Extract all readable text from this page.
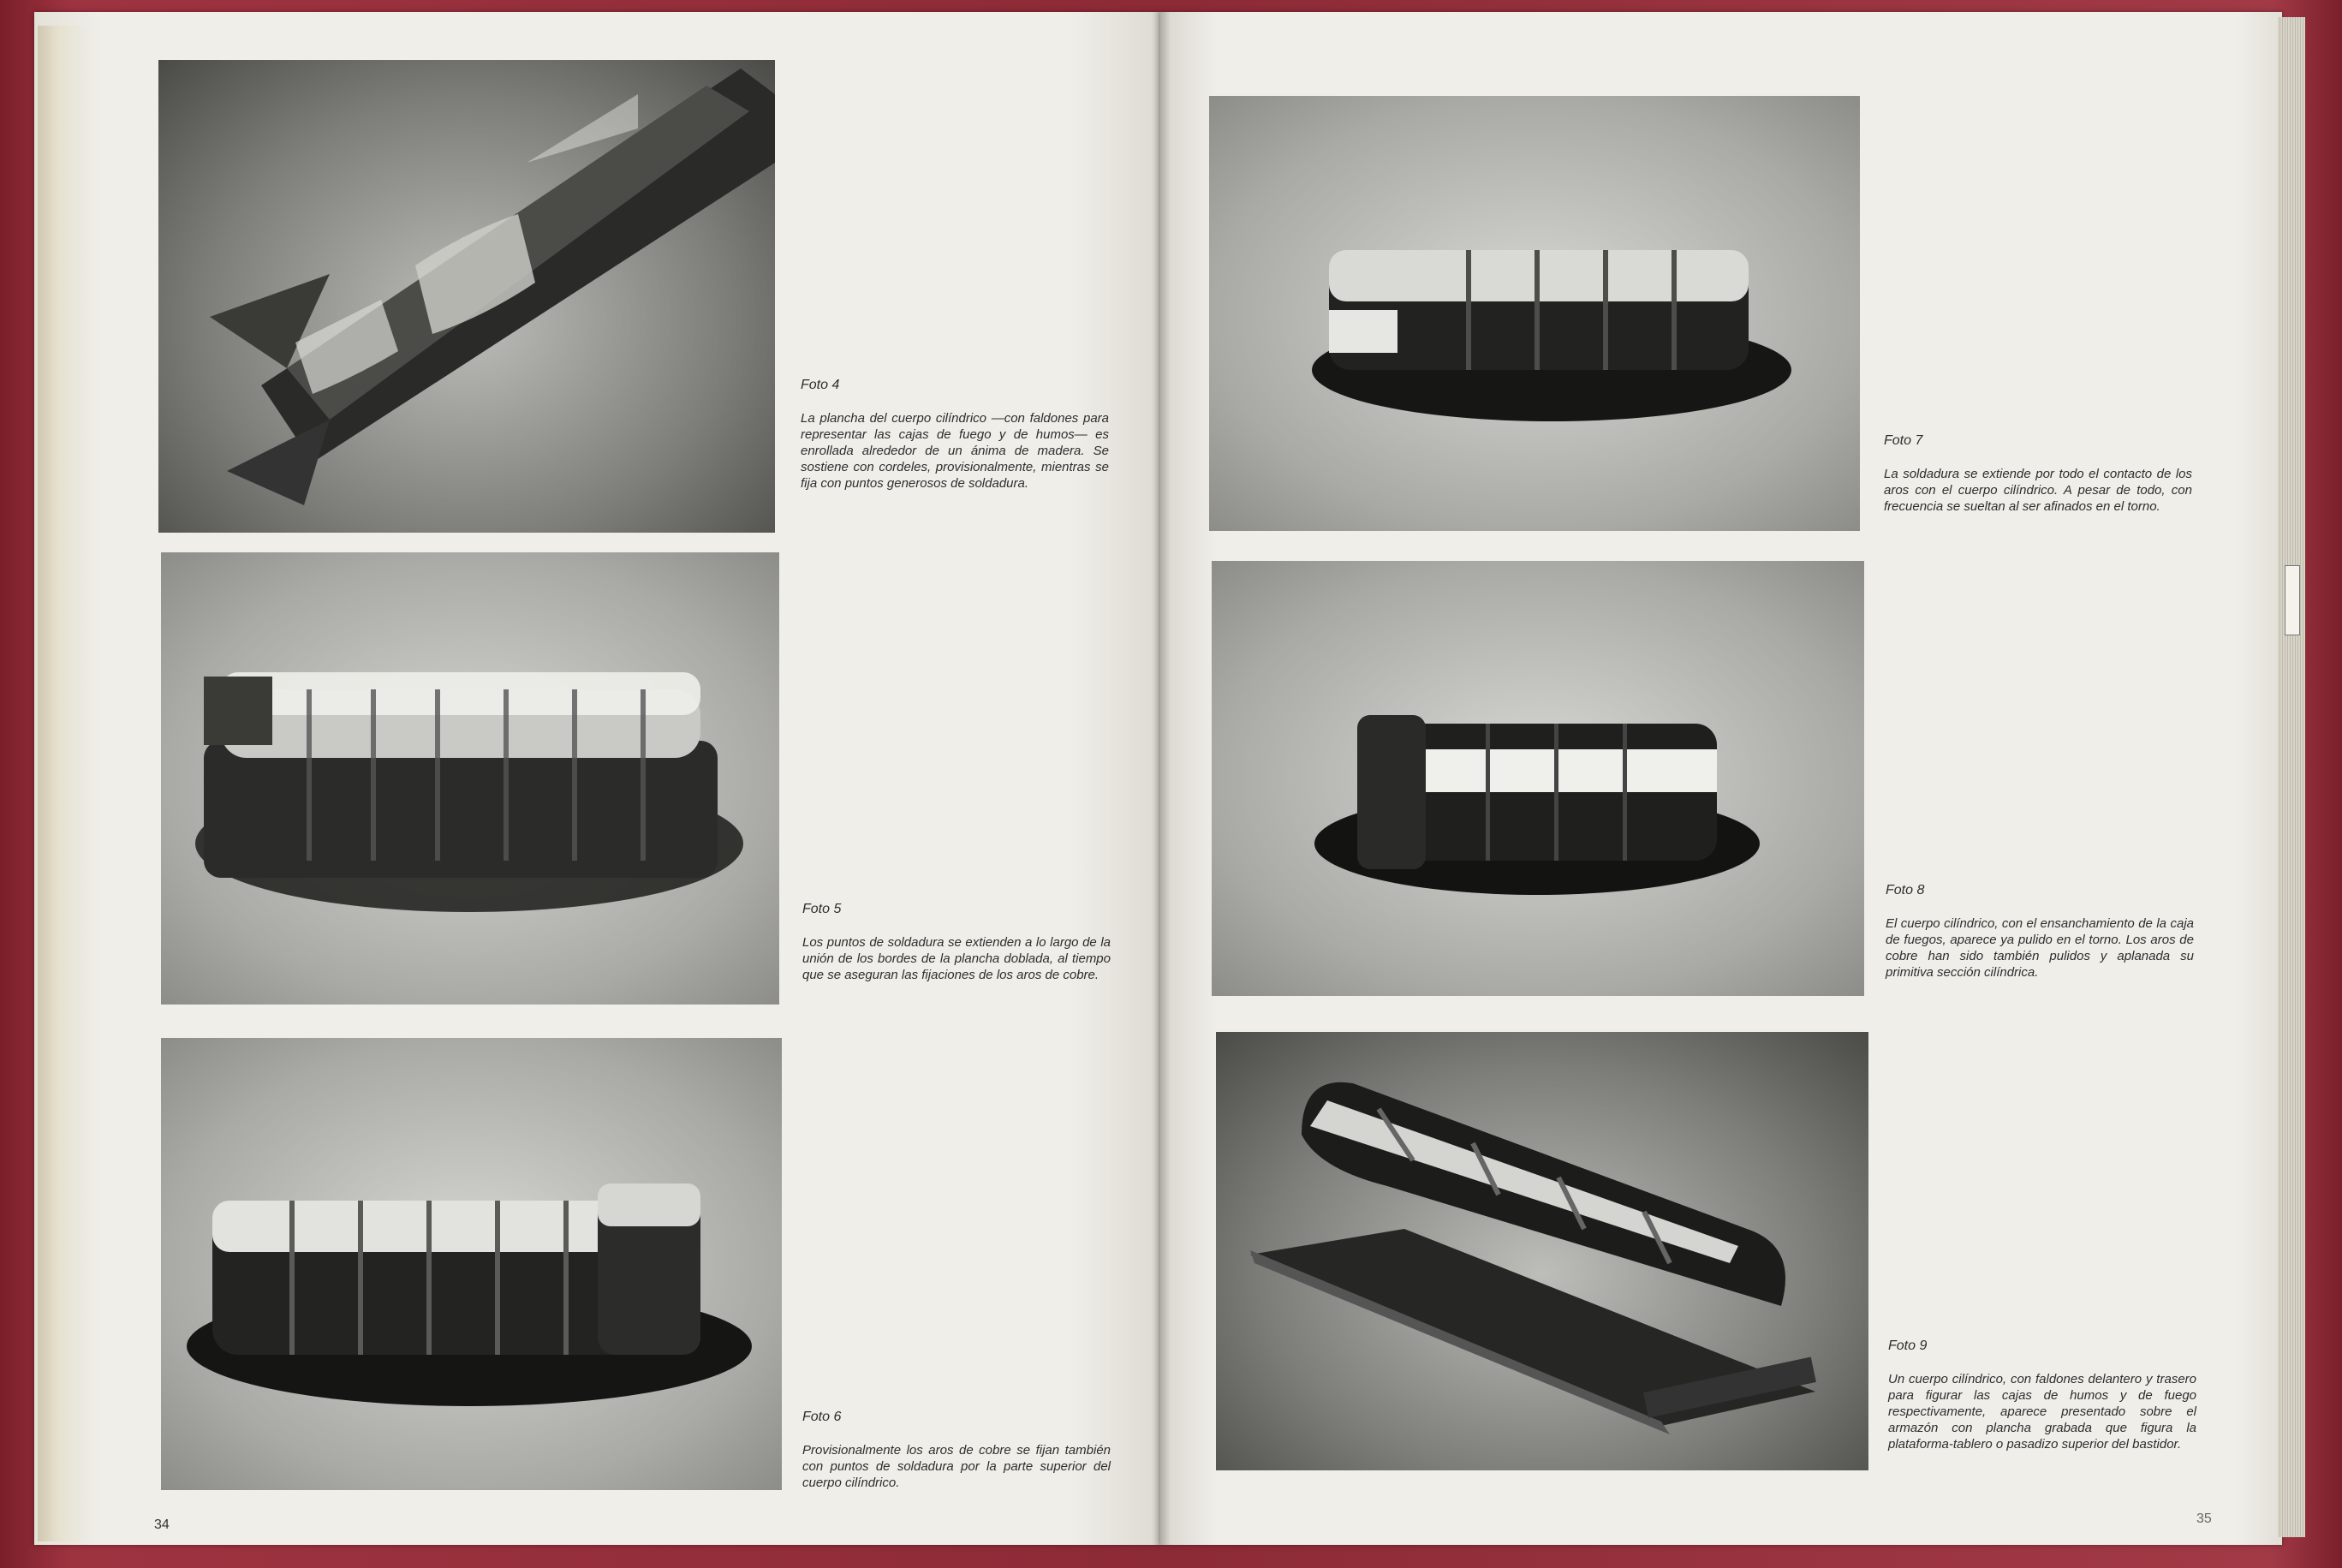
Foto 4
La plancha del cuerpo cilíndrico —con faldones para representar las cajas de fuego y de humos— es enrollada alrededor de un ánima de madera. Se sostiene con cordeles, provisionalmente, mientras se fija con puntos generosos de soldadura.
Foto 5
Los puntos de soldadura se extienden a lo largo de la unión de los bordes de la plancha doblada, al tiempo que se aseguran las fijaciones de los aros de cobre.
Foto 6
Provisionalmente los aros de cobre se fijan también con puntos de soldadura por la parte superior del cuerpo cilíndrico.
34
Foto 7
La soldadura se extiende por todo el contacto de los aros con el cuerpo cilíndrico. A pesar de todo, con frecuencia se sueltan al ser afinados en el torno.
Foto 8
El cuerpo cilíndrico, con el ensanchamiento de la caja de fuegos, aparece ya pulido en el torno. Los aros de cobre han sido también pulidos y aplanada su primitiva sección cilíndrica.
Foto 9
Un cuerpo cilíndrico, con faldones delantero y trasero para figurar las cajas de humos y de fuego respectivamente, aparece presentado sobre el armazón con plancha grabada que figura la plataforma-tablero o pasadizo superior del bastidor.
35
